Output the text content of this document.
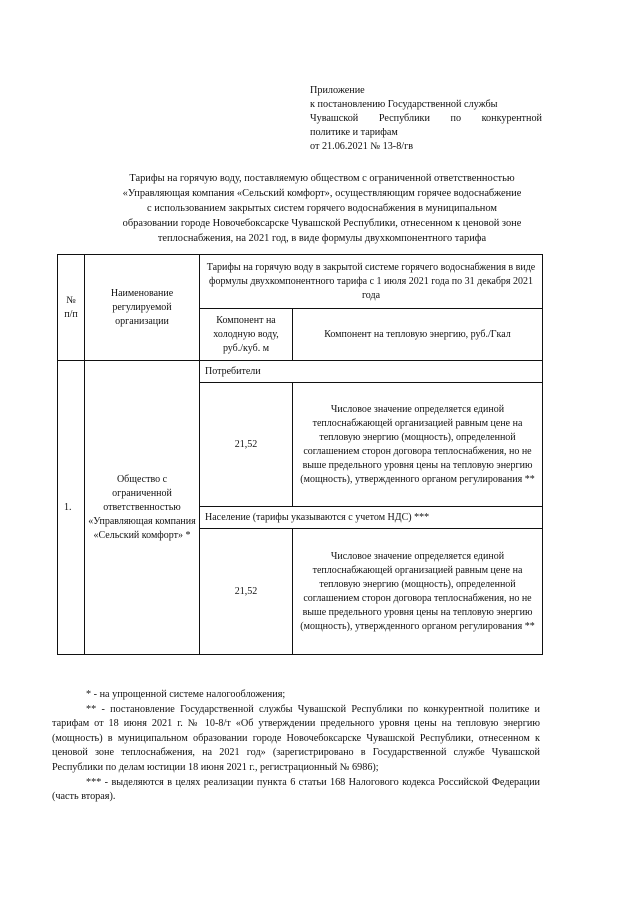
Приложение
к постановлению Государственной службы
Чувашской Республики по конкурентной
политике и тарифам
от 21.06.2021 № 13-8/гв
Тарифы на горячую воду, поставляемую обществом с ограниченной ответственностью
«Управляющая компания «Сельский комфорт», осуществляющим горячее водоснабжение
с использованием закрытых систем горячего водоснабжения в муниципальном
образовании городе Новочебоксарске Чувашской Республики, отнесенном к ценовой зоне
теплоснабжения, на 2021 год, в виде формулы двухкомпонентного тарифа
№ п/п	Наименование регулируемой организации	Тарифы на горячую воду в закрытой системе горячего водоснабжения в виде формулы двухкомпонентного тарифа с 1 июля 2021 года по 31 декабря 2021 года	
		Компонент на холодную воду, руб./куб. м	Компонент на тепловую энергию, руб./Гкал
1.	Общество с ограниченной ответственностью «Управляющая компания «Сельский комфорт» *	Потребители	
		21,52	Числовое значение определяется единой теплоснабжающей организацией равным цене на тепловую энергию (мощность), определенной соглашением сторон договора теплоснабжения, но не выше предельного уровня цены на тепловую энергию (мощность), утвержденного органом регулирования **
		Население (тарифы указываются с учетом НДС) ***	
		21,52	Числовое значение определяется единой теплоснабжающей организацией равным цене на тепловую энергию (мощность), определенной соглашением сторон договора теплоснабжения, но не выше предельного уровня цены на тепловую энергию (мощность), утвержденного органом регулирования **

* - на упрощенной системе налогообложения;

** - постановление Государственной службы Чувашской Республики по конкурентной политике и тарифам от 18 июня 2021 г. № 10-8/т «Об утверждении предельного уровня цены на тепловую энергию (мощность) в муниципальном образовании городе Новочебоксарске Чувашской Республики, отнесенном к ценовой зоне теплоснабжения, на 2021 год» (зарегистрировано в Государственной службе Чувашской Республики по делам юстиции 18 июня 2021 г., регистрационный № 6986);

*** - выделяются в целях реализации пункта 6 статьи 168 Налогового кодекса Российской Федерации (часть вторая).
